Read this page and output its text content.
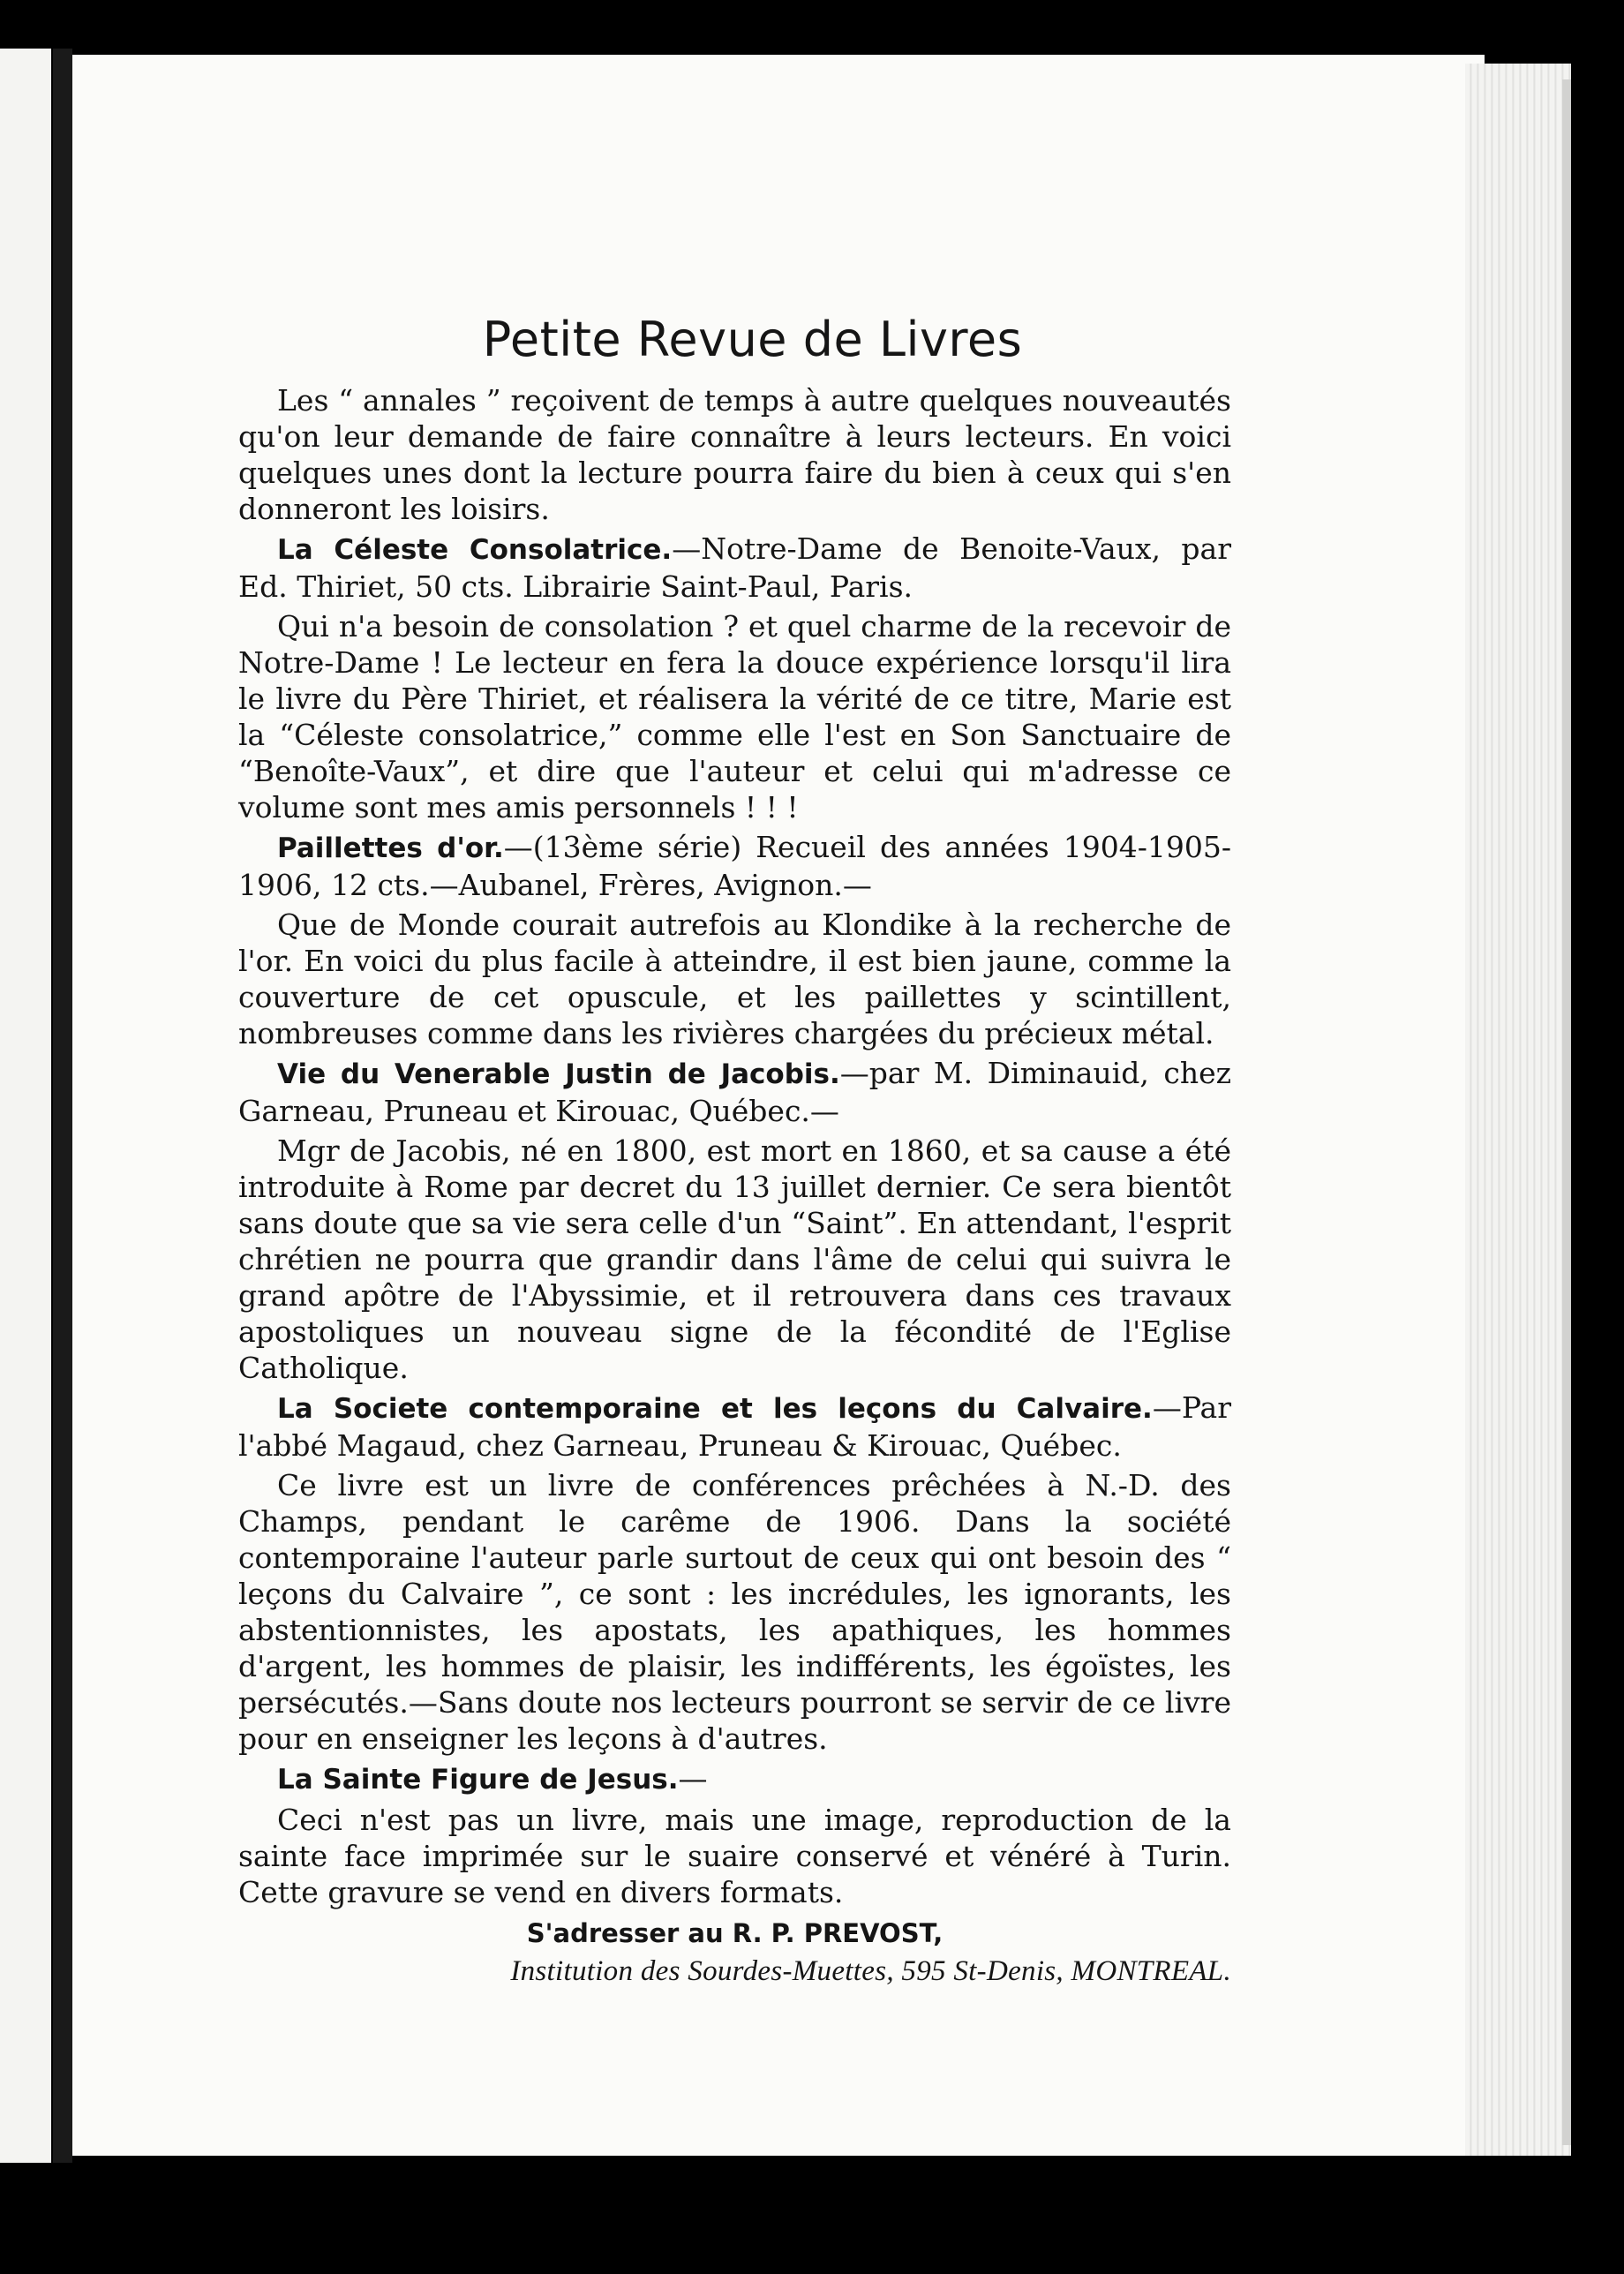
Petite Revue de Livres

Les “ annales ” reçoivent de temps à autre quelques nouveautés qu'on leur demande de faire connaître à leurs lecteurs. En voici quelques unes dont la lecture pourra faire du bien à ceux qui s'en donneront les loisirs.

La Céleste Consolatrice.—Notre-Dame de Benoite-Vaux, par Ed. Thiriet, 50 cts. Librairie Saint-Paul, Paris.

Qui n'a besoin de consolation ? et quel charme de la recevoir de Notre-Dame ! Le lecteur en fera la douce expérience lorsqu'il lira le livre du Père Thiriet, et réalisera la vérité de ce titre, Marie est la “Céleste consolatrice,” comme elle l'est en Son Sanctuaire de “Benoîte-Vaux”, et dire que l'auteur et celui qui m'adresse ce volume sont mes amis personnels ! ! !

Paillettes d'or.—(13ème série) Recueil des années 1904-1905-1906, 12 cts.—Aubanel, Frères, Avignon.—

Que de Monde courait autrefois au Klondike à la recherche de l'or. En voici du plus facile à atteindre, il est bien jaune, comme la couverture de cet opuscule, et les paillettes y scintillent, nombreuses comme dans les rivières chargées du précieux métal.

Vie du Venerable Justin de Jacobis.—par M. Diminauid, chez Garneau, Pruneau et Kirouac, Québec.—

Mgr de Jacobis, né en 1800, est mort en 1860, et sa cause a été introduite à Rome par decret du 13 juillet dernier. Ce sera bientôt sans doute que sa vie sera celle d'un “Saint”. En attendant, l'esprit chrétien ne pourra que grandir dans l'âme de celui qui suivra le grand apôtre de l'Abyssimie, et il retrouvera dans ces travaux apostoliques un nouveau signe de la fécondité de l'Eglise Catholique.

La Societe contemporaine et les leçons du Calvaire.—Par l'abbé Magaud, chez Garneau, Pruneau & Kirouac, Québec.

Ce livre est un livre de conférences prêchées à N.-D. des Champs, pendant le carême de 1906. Dans la société contemporaine l'auteur parle surtout de ceux qui ont besoin des “ leçons du Calvaire ”, ce sont : les incrédules, les ignorants, les abstentionnistes, les apostats, les apathiques, les hommes d'argent, les hommes de plaisir, les indifférents, les égoïstes, les persécutés.—Sans doute nos lecteurs pourront se servir de ce livre pour en enseigner les leçons à d'autres.

La Sainte Figure de Jesus.—

Ceci n'est pas un livre, mais une image, reproduction de la sainte face imprimée sur le suaire conservé et vénéré à Turin. Cette gravure se vend en divers formats.

S'adresser au R. P. PREVOST,

Institution des Sourdes-Muettes, 595 St-Denis, MONTREAL.
